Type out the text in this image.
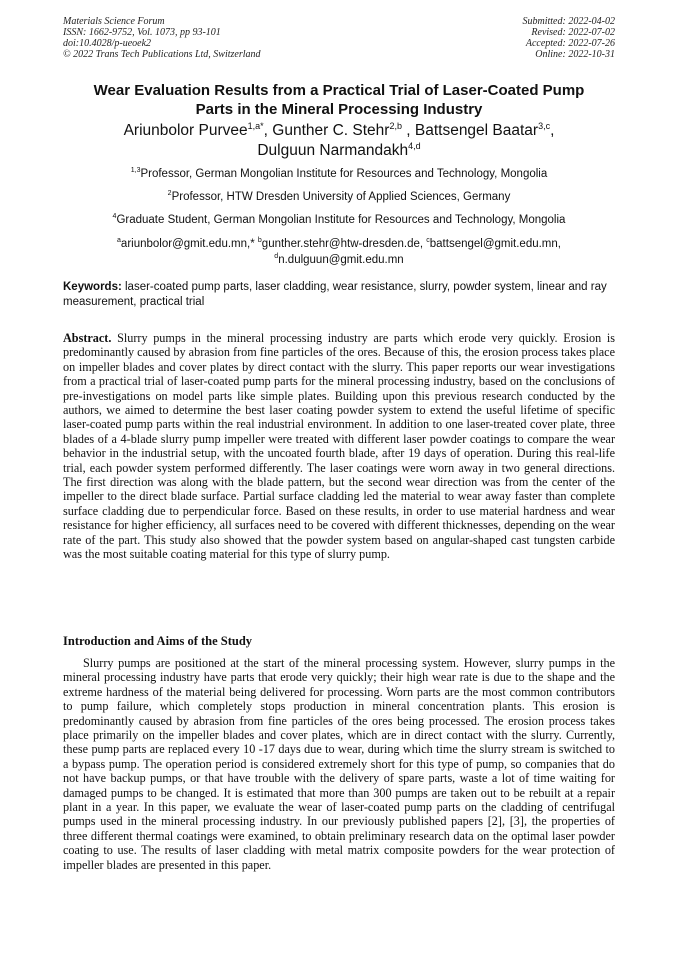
Materials Science Forum
ISSN: 1662-9752, Vol. 1073, pp 93-101
doi:10.4028/p-ueoek2
© 2022 Trans Tech Publications Ltd, Switzerland
Submitted: 2022-04-02
Revised: 2022-07-02
Accepted: 2022-07-26
Online: 2022-10-31
Wear Evaluation Results from a Practical Trial of Laser-Coated Pump
Parts in the Mineral Processing Industry
Ariunbolor Purvee$^{1,a*}$, Gunther C. Stehr$^{2,b}$ , Battsengel Baatar$^{3,c}$,
Dulguun Narmandakh$^{4,d}$

$^{1,3}$Professor, German Mongolian Institute for Resources and Technology, Mongolia

$^2$Professor, HTW Dresden University of Applied Sciences, Germany

$^4$Graduate Student, German Mongolian Institute for Resources and Technology, Mongolia

$^a$ariunbolor@gmit.edu.mn,* $^b$gunther.stehr@htw-dresden.de, $^c$battsengel@gmit.edu.mn,
$^d$n.dulguun@gmit.edu.mn

Keywords: laser-coated pump parts, laser cladding, wear resistance, slurry, powder system, linear and ray measurement, practical trial

Abstract. Slurry pumps in the mineral processing industry are parts which erode very quickly. Erosion is predominantly caused by abrasion from fine particles of the ores. Because of this, the erosion process takes place on impeller blades and cover plates by direct contact with the slurry. This paper reports our wear investigations from a practical trial of laser-coated pump parts for the mineral processing industry, based on the conclusions of pre-investigations on model parts like simple plates. Building upon this previous research conducted by the authors, we aimed to determine the best laser coating powder system to extend the useful lifetime of specific laser-coated pump parts within the real industrial environment. In addition to one laser-treated cover plate, three blades of a 4-blade slurry pump impeller were treated with different laser powder coatings to compare the wear behavior in the industrial setup, with the uncoated fourth blade, after 19 days of operation. During this real-life trial, each powder system performed differently. The laser coatings were worn away in two general directions. The first direction was along with the blade pattern, but the second wear direction was from the center of the impeller to the direct blade surface. Partial surface cladding led the material to wear away faster than complete surface cladding due to perpendicular force. Based on these results, in order to use material hardness and wear resistance for higher efficiency, all surfaces need to be covered with different thicknesses, depending on the wear rate of the part. This study also showed that the powder system based on angular-shaped cast tungsten carbide was the most suitable coating material for this type of slurry pump.

Introduction and Aims of the Study

Slurry pumps are positioned at the start of the mineral processing system. However, slurry pumps in the mineral processing industry have parts that erode very quickly; their high wear rate is due to the shape and the extreme hardness of the material being delivered for processing. Worn parts are the most common contributors to pump failure, which completely stops production in mineral concentration plants. This erosion is predominantly caused by abrasion from fine particles of the ores being processed. The erosion process takes place primarily on the impeller blades and cover plates, which are in direct contact with the slurry. Currently, these pump parts are replaced every 10 -17 days due to wear, during which time the slurry stream is switched to a bypass pump. The operation period is considered extremely short for this type of pump, so companies that do not have backup pumps, or that have trouble with the delivery of spare parts, waste a lot of time waiting for damaged pumps to be changed. It is estimated that more than 300 pumps are taken out to be rebuilt at a repair plant in a year. In this paper, we evaluate the wear of laser-coated pump parts on the cladding of centrifugal pumps used in the mineral processing industry. In our previously published papers [2], [3], the properties of three different thermal coatings were examined, to obtain preliminary research data on the optimal laser powder coating to use. The results of laser cladding with metal matrix composite powders for the wear protection of impeller blades are presented in this paper.
